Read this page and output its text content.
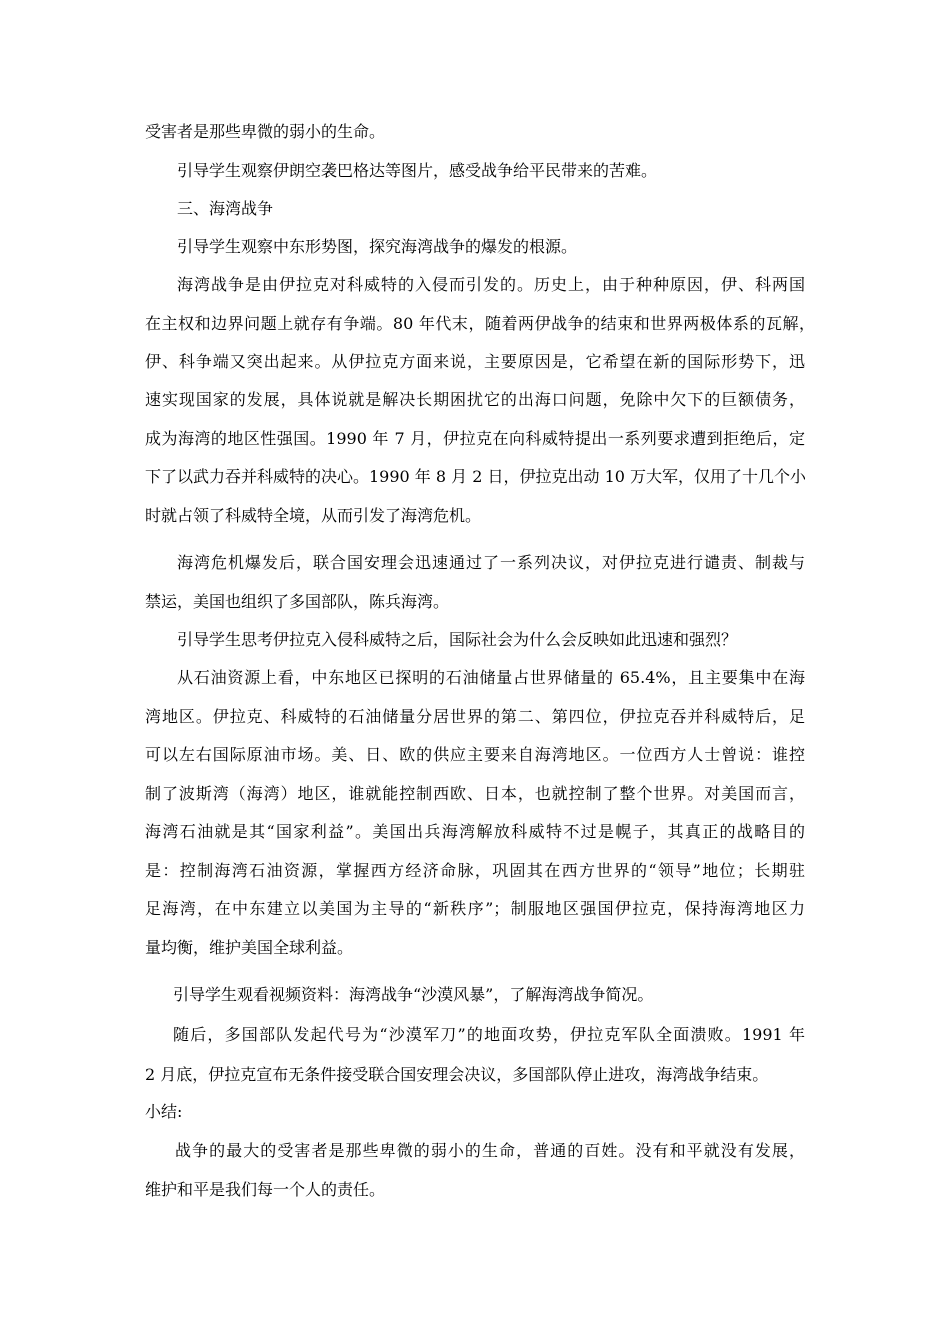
受害者是那些卑微的弱小的生命。
引导学生观察伊朗空袭巴格达等图片，感受战争给平民带来的苦难。
三、海湾战争
引导学生观察中东形势图，探究海湾战争的爆发的根源。
海湾战争是由伊拉克对科威特的入侵而引发的。历史上，由于种种原因，伊、科两国
在主权和边界问题上就存有争端。80 年代末，随着两伊战争的结束和世界两极体系的瓦解，
伊、科争端又突出起来。从伊拉克方面来说，主要原因是，它希望在新的国际形势下，迅
速实现国家的发展，具体说就是解决长期困扰它的出海口问题，免除中欠下的巨额债务，
成为海湾的地区性强国。1990 年 7 月，伊拉克在向科威特提出一系列要求遭到拒绝后，定
下了以武力吞并科威特的决心。1990 年 8 月 2 日，伊拉克出动 10 万大军，仅用了十几个小
时就占领了科威特全境，从而引发了海湾危机。
海湾危机爆发后，联合国安理会迅速通过了一系列决议，对伊拉克进行谴责、制裁与
禁运，美国也组织了多国部队，陈兵海湾。
引导学生思考伊拉克入侵科威特之后，国际社会为什么会反映如此迅速和强烈？
从石油资源上看，中东地区已探明的石油储量占世界储量的 65.4%，且主要集中在海
湾地区。伊拉克、科威特的石油储量分居世界的第二、第四位，伊拉克吞并科威特后，足
可以左右国际原油市场。美、日、欧的供应主要来自海湾地区。一位西方人士曾说：谁控
制了波斯湾（海湾）地区，谁就能控制西欧、日本，也就控制了整个世界。对美国而言，
海湾石油就是其“国家利益”。美国出兵海湾解放科威特不过是幌子，其真正的战略目的
是：控制海湾石油资源，掌握西方经济命脉，巩固其在西方世界的“领导”地位；长期驻
足海湾，在中东建立以美国为主导的“新秩序”；制服地区强国伊拉克，保持海湾地区力
量均衡，维护美国全球利益。
引导学生观看视频资料：海湾战争“沙漠风暴”，了解海湾战争简况。
随后，多国部队发起代号为“沙漠军刀”的地面攻势，伊拉克军队全面溃败。1991 年
2 月底，伊拉克宣布无条件接受联合国安理会决议，多国部队停止进攻，海湾战争结束。
小结:
战争的最大的受害者是那些卑微的弱小的生命，普通的百姓。没有和平就没有发展，
维护和平是我们每一个人的责任。
